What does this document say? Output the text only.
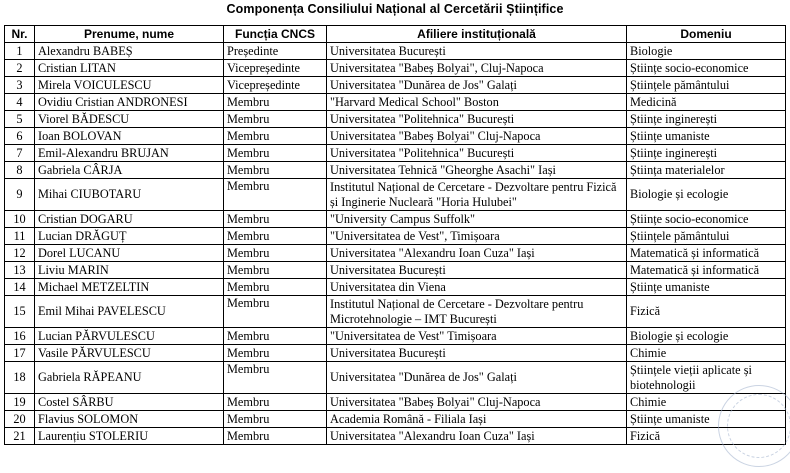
Componența Consiliului Național al Cercetării Științifice
Nr.	Prenume, nume	Funcția CNCS	Afiliere instituțională	Domeniu
1	Alexandru BABEȘ	Președinte	Universitatea București	Biologie
2	Cristian LITAN	Vicepreședinte	Universitatea "Babeș Bolyai", Cluj-Napoca	Științe socio-economice
3	Mirela VOICULESCU	Vicepreședinte	Universitatea "Dunărea de Jos" Galați	Științele pământului
4	Ovidiu Cristian ANDRONESI	Membru	"Harvard Medical School" Boston	Medicină
5	Viorel BĂDESCU	Membru	Universitatea "Politehnica" București	Științe inginerești
6	Ioan BOLOVAN	Membru	Universitatea "Babeș Bolyai" Cluj-Napoca	Științe umaniste
7	Emil-Alexandru BRUJAN	Membru	Universitatea "Politehnica" București	Științe inginerești
8	Gabriela CÂRJA	Membru	Universitatea Tehnică "Gheorghe Asachi" Iași	Știința materialelor
9	Mihai CIUBOTARU	Membru	Institutul Național de Cercetare - Dezvoltare pentru Fizică și Inginerie Nucleară "Horia Hulubei"	Biologie și ecologie
10	Cristian DOGARU	Membru	"University Campus Suffolk"	Științe socio-economice
11	Lucian DRĂGUȚ	Membru	"Universitatea de Vest", Timișoara	Științele pământului
12	Dorel LUCANU	Membru	Universitatea "Alexandru Ioan Cuza" Iași	Matematică și informatică
13	Liviu MARIN	Membru	Universitatea București	Matematică și informatică
14	Michael METZELTIN	Membru	Universitatea din Viena	Științe umaniste
15	Emil Mihai PAVELESCU	Membru	Institutul Național de Cercetare - Dezvoltare pentru Microtehnologie – IMT București	Fizică
16	Lucian PĂRVULESCU	Membru	"Universitatea de Vest" Timișoara	Biologie și ecologie
17	Vasile PĂRVULESCU	Membru	Universitatea București	Chimie
18	Gabriela RĂPEANU	Membru	Universitatea "Dunărea de Jos" Galați	Științele vieții aplicate și biotehnologii
19	Costel SÂRBU	Membru	Universitatea "Babeș Bolyai" Cluj-Napoca	Chimie
20	Flavius SOLOMON	Membru	Academia Română - Filiala Iași	Științe umaniste
21	Laurențiu STOLERIU	Membru	Universitatea "Alexandru Ioan Cuza" Iași	Fizică
